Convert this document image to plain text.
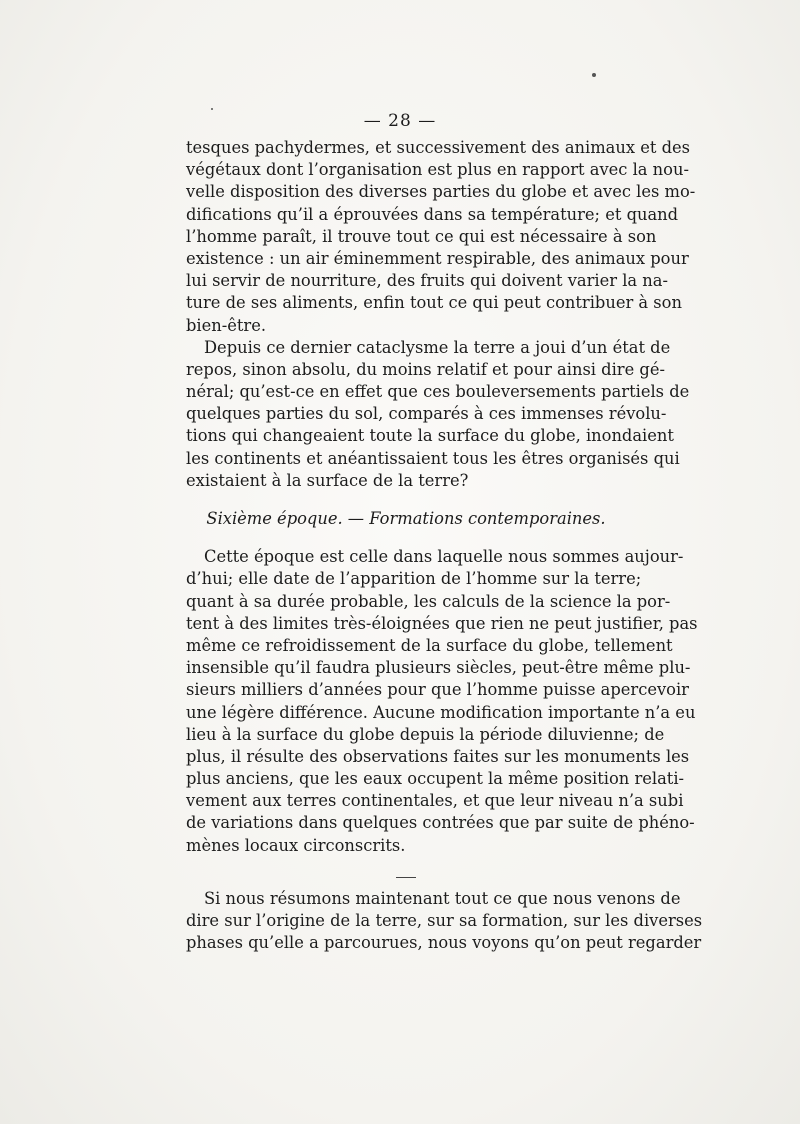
— 28 —
tesques pachydermes, et successivement des animaux et des
végétaux dont l’organisation est plus en rapport avec la nou-
velle disposition des diverses parties du globe et avec les mo-
difications qu’il a éprouvées dans sa température; et quand
l’homme paraît, il trouve tout ce qui est nécessaire à son
existence : un air éminemment respirable, des animaux pour
lui servir de nourriture, des fruits qui doivent varier la na-
ture de ses aliments, enfin tout ce qui peut contribuer à son
bien-être.
Depuis ce dernier cataclysme la terre a joui d’un état de
repos, sinon absolu, du moins relatif et pour ainsi dire gé-
néral; qu’est-ce en effet que ces bouleversements partiels de
quelques parties du sol, comparés à ces immenses révolu-
tions qui changeaient toute la surface du globe, inondaient
les continents et anéantissaient tous les êtres organisés qui
existaient à la surface de la terre?
Sixième époque. — Formations contemporaines.
Cette époque est celle dans laquelle nous sommes aujour-
d’hui; elle date de l’apparition de l’homme sur la terre;
quant à sa durée probable, les calculs de la science la por-
tent à des limites très-éloignées que rien ne peut justifier, pas
même ce refroidissement de la surface du globe, tellement
insensible qu’il faudra plusieurs siècles, peut-être même plu-
sieurs milliers d’années pour que l’homme puisse apercevoir
une légère différence. Aucune modification importante n’a eu
lieu à la surface du globe depuis la période diluvienne; de
plus, il résulte des observations faites sur les monuments les
plus anciens, que les eaux occupent la même position relati-
vement aux terres continentales, et que leur niveau n’a subi
de variations dans quelques contrées que par suite de phéno-
mènes locaux circonscrits.
Si nous résumons maintenant tout ce que nous venons de
dire sur l’origine de la terre, sur sa formation, sur les diverses
phases qu’elle a parcourues, nous voyons qu’on peut regarder
